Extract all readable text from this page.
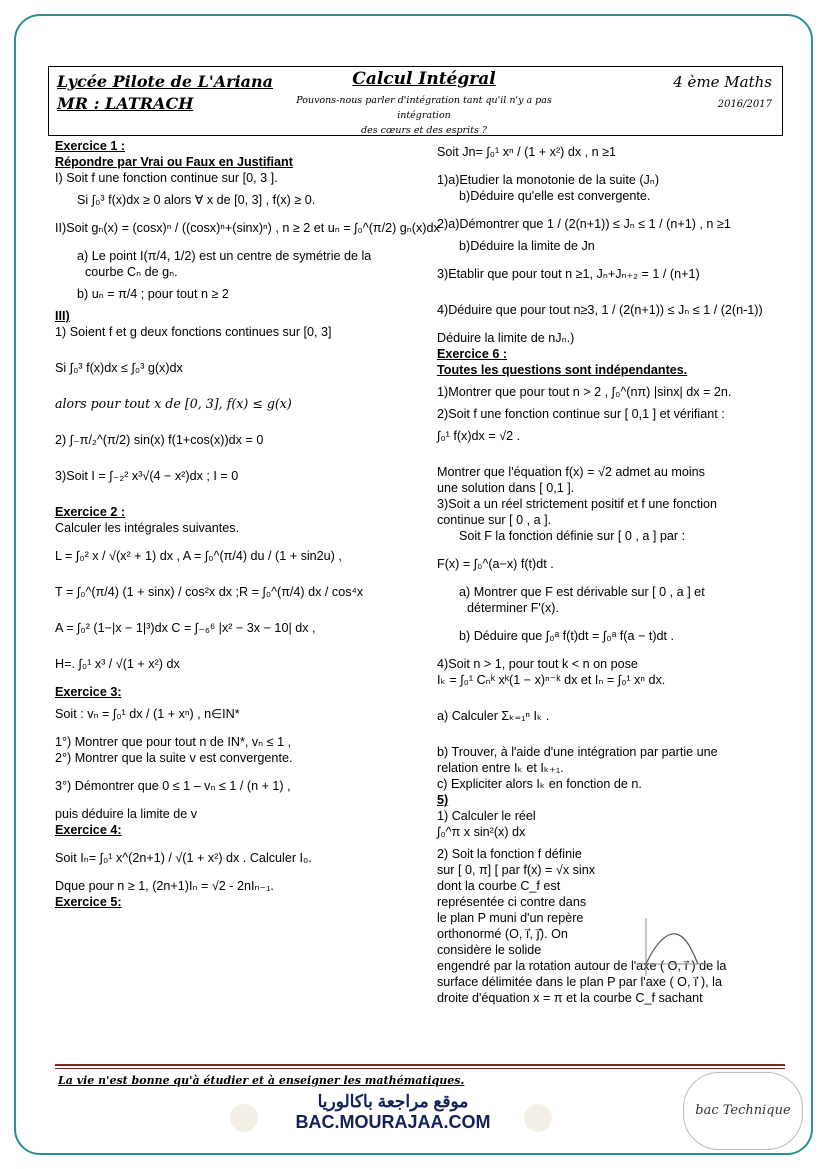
Lycée Pilote de L'Ariana
MR : LATRACH
Calcul Intégral
Pouvons-nous parler d'intégration tant qu'il n'y a pas intégration
des cœurs et des esprits ?
4 ème Maths
2016/2017
Exercice 1 :
Répondre par Vrai ou Faux en Justifiant
I) Soit f une fonction continue sur [0, 3 ].
Si ∫₀³ f(x)dx ≥ 0 alors ∀ x de [0, 3] , f(x) ≥ 0.
II)Soit gₙ(x) = (cosx)ⁿ / ((cosx)ⁿ+(sinx)ⁿ) , n ≥ 2 et uₙ = ∫₀^(π/2) gₙ(x)dx
a) Le point I(π/4, 1/2) est un centre de symétrie de la
courbe Cₙ de gₙ.
b) uₙ = π/4 ; pour tout n ≥ 2
III)
1) Soient f et g deux fonctions continues sur [0, 3]
Si ∫₀³ f(x)dx ≤ ∫₀³ g(x)dx
alors pour tout x de [0, 3], f(x) ≤ g(x)
2) ∫₋π/₂^(π/2) sin(x) f(1+cos(x))dx = 0
3)Soit I = ∫₋₂² x³√(4 − x²)dx ; I = 0
Exercice 2 :
Calculer les intégrales suivantes.
L = ∫₀² x / √(x² + 1) dx , A = ∫₀^(π/4) du / (1 + sin2u) ,
T = ∫₀^(π/4) (1 + sinx) / cos²x dx ;R = ∫₀^(π/4) dx / cos⁴x
A = ∫₀² (1−|x − 1|³)dx C = ∫₋₆⁶ |x² − 3x − 10| dx ,
H=. ∫₀¹ x³ / √(1 + x²) dx
Exercice 3:
Soit : vₙ = ∫₀¹ dx / (1 + xⁿ) , n∈IN*
1°) Montrer que pour tout n de IN*, vₙ ≤ 1 ,
2°) Montrer que la suite v est convergente.
3°) Démontrer que 0 ≤ 1 – vₙ ≤ 1 / (n + 1) ,
puis déduire la limite de v
Exercice 4:
Soit Iₙ= ∫₀¹ x^(2n+1) / √(1 + x²) dx . Calculer I₀.
Dque pour n ≥ 1, (2n+1)Iₙ = √2 - 2nIₙ₋₁.
Exercice 5:
Soit Jn= ∫₀¹ xⁿ / (1 + x²) dx , n ≥1
1)a)Etudier la monotonie de la suite (Jₙ)
b)Déduire qu'elle est convergente.
2)a)Démontrer que 1 / (2(n+1)) ≤ Jₙ ≤ 1 / (n+1) , n ≥1
b)Déduire la limite de Jn
3)Etablir que pour tout n ≥1, Jₙ+Jₙ₊₂ = 1 / (n+1)
4)Déduire que pour tout n≥3, 1 / (2(n+1)) ≤ Jₙ ≤ 1 / (2(n-1))
Déduire la limite de nJₙ.)
Exercice 6 :
Toutes les questions sont indépendantes.
1)Montrer que pour tout n > 2 , ∫₀^(nπ) |sinx| dx = 2n.
2)Soit f une fonction continue sur [ 0,1 ] et vérifiant :
∫₀¹ f(x)dx = √2 .
Montrer que l'équation f(x) = √2 admet au moins
une solution dans [ 0,1 ].
3)Soit a un réel strictement positif et f une fonction
continue sur [ 0 , a ].
Soit F la fonction définie sur [ 0 , a ] par :
F(x) = ∫₀^(a−x) f(t)dt .
a) Montrer que F est dérivable sur [ 0 , a ] et
déterminer F'(x).
b) Déduire que ∫₀ᵃ f(t)dt = ∫₀ᵃ f(a − t)dt .
4)Soit n > 1, pour tout k < n on pose
Iₖ = ∫₀¹ Cₙᵏ xᵏ(1 − x)ⁿ⁻ᵏ dx et Iₙ = ∫₀¹ xⁿ dx.
a) Calculer Σₖ₌₁ⁿ Iₖ .
b) Trouver, à l'aide d'une intégration par partie une
relation entre Iₖ et Iₖ₊₁.
c) Expliciter alors Iₖ en fonction de n.
5)
1) Calculer le réel
∫₀^π x sin²(x) dx
2) Soit la fonction f définie
sur [ 0, π] [ par f(x) = √x sinx
dont la courbe C_f est
représentée ci contre dans
le plan P muni d'un repère
orthonormé (O, i⃗, j⃗). On
considère le solide
engendré par la rotation autour de l'axe ( O, i⃗ ) de la
surface délimitée dans le plan P par l'axe ( O, i⃗ ), la
droite d'équation x = π et la courbe C_f sachant
La vie n'est bonne qu'à étudier et à enseigner les mathématiques.
موقع مراجعة باكالوريا
BAC.MOURAJAA.COM
bac Technique
